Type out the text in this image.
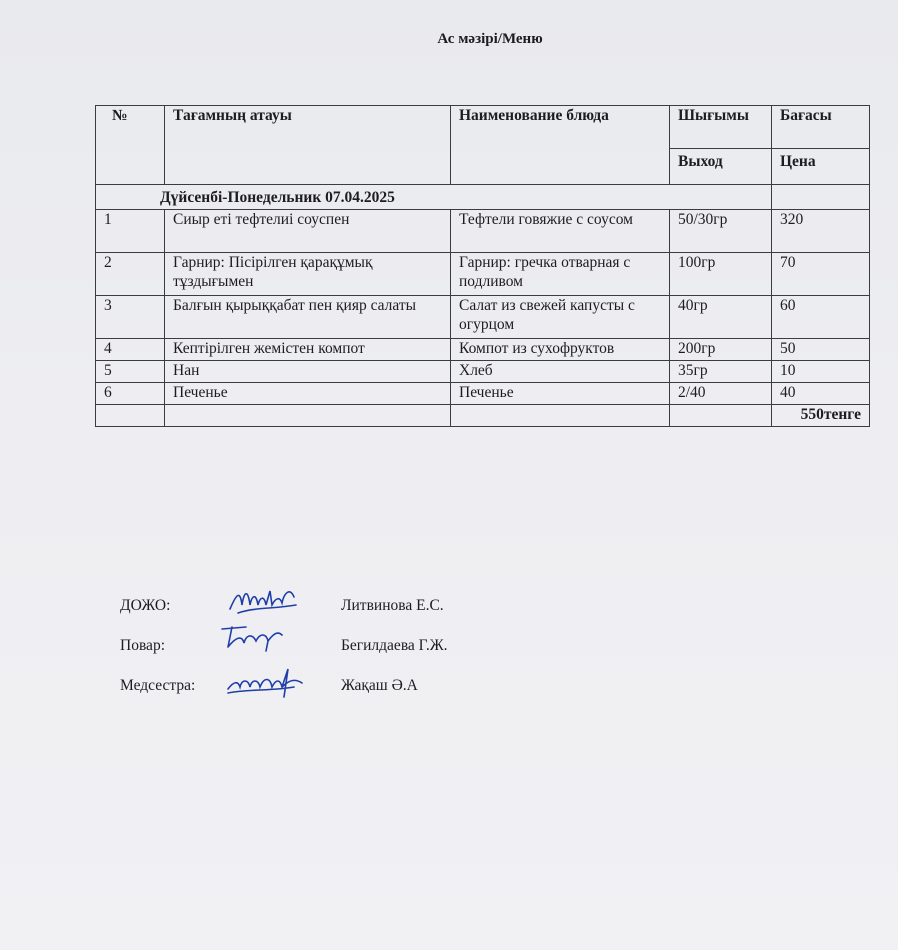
Ас мәзірі/Меню
№	Тағамның атауы	Наименование блюда	Шығымы	Бағасы
			Выход	Цена
Дүйсенбі-Понедельник 07.04.2025				
1	Сиыр еті тефтелиі соуспен	Тефтели говяжие с соусом	50/30гр	320
2	Гарнир: Пісірілген қарақұмық тұздығымен	Гарнир: гречка отварная с подливом	100гр	70
3	Балғын қырыққабат пен қияр салаты	Салат из свежей капусты с огурцом	40гр	60
4	Кептірілген жемістен компот	Компот из сухофруктов	200гр	50
5	Нан	Хлеб	35гр	10
6	Печенье	Печенье	2/40	40
				550тенге
ДОЖО:	Литвинова Е.С.
Повар:	Бегилдаева Г.Ж.
Медсестра:	Жақаш Ә.А
